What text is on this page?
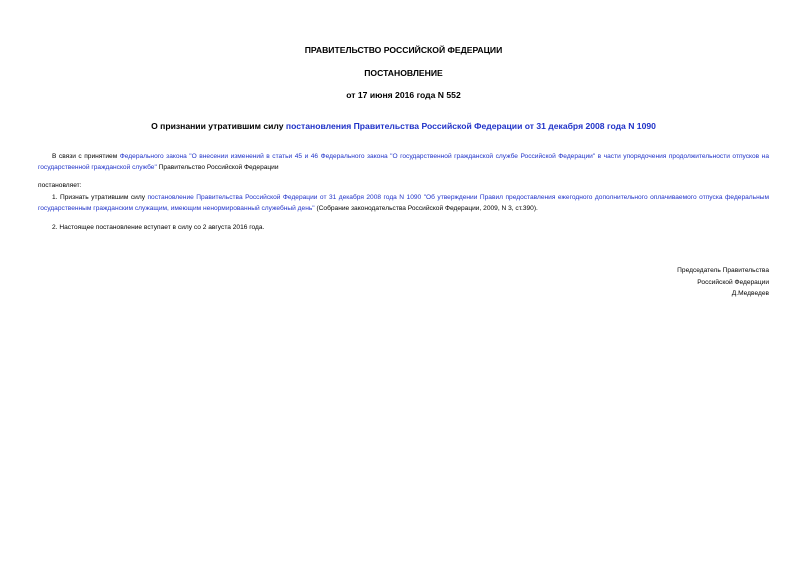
ПРАВИТЕЛЬСТВО РОССИЙСКОЙ ФЕДЕРАЦИИ
ПОСТАНОВЛЕНИЕ
от 17 июня 2016 года N 552
О признании утратившим силу постановления Правительства Российской Федерации от 31 декабря 2008 года N 1090
В связи с принятием Федерального закона "О внесении изменений в статьи 45 и 46 Федерального закона "О государственной гражданской службе Российской Федерации" в части упорядочения продолжительности отпусков на государственной гражданской службе" Правительство Российской Федерации
постановляет:
1. Признать утратившим силу постановление Правительства Российской Федерации от 31 декабря 2008 года N 1090 "Об утверждении Правил предоставления ежегодного дополнительного оплачиваемого отпуска федеральным государственным гражданским служащим, имеющим ненормированный служебный день" (Собрание законодательства Российской Федерации, 2009, N 3, ст.390).
2. Настоящее постановление вступает в силу со 2 августа 2016 года.
Председатель Правительства
Российской Федерации
Д.Медведев
